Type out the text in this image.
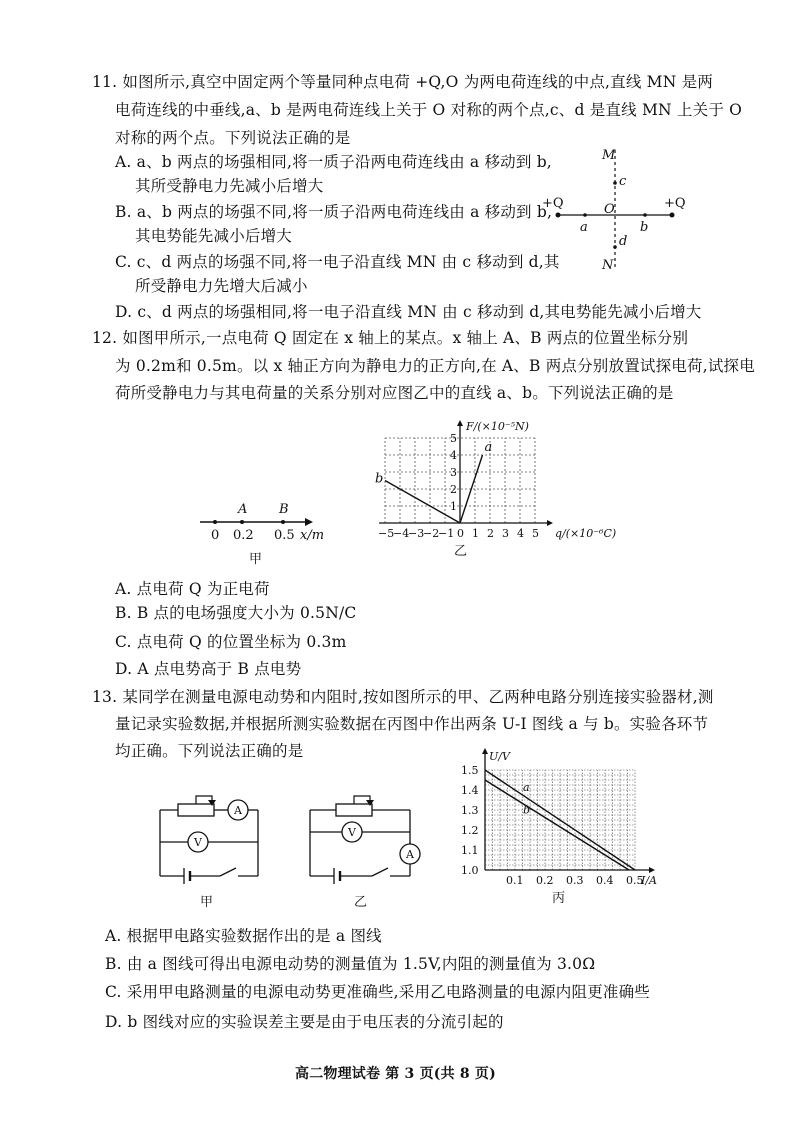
11. 如图所示,真空中固定两个等量同种点电荷 +Q,O 为两电荷连线的中点,直线 MN 是两
电荷连线的中垂线,a、b 是两电荷连线上关于 O 对称的两个点,c、d 是直线 MN 上关于 O
对称的两个点。下列说法正确的是
A. a、b 两点的场强相同,将一质子沿两电荷连线由 a 移动到 b,
其所受静电力先减小后增大
B. a、b 两点的场强不同,将一质子沿两电荷连线由 a 移动到 b,
其电势能先减小后增大
C. c、d 两点的场强不同,将一电子沿直线 MN 由 c 移动到 d,其
所受静电力先增大后减小
D. c、d 两点的场强相同,将一电子沿直线 MN 由 c 移动到 d,其电势能先减小后增大
M
N
c
d
O
a	b
+Q	+Q
12. 如图甲所示,一点电荷 Q 固定在 x 轴上的某点。x 轴上 A、B 两点的位置坐标分别
为 0.2m和 0.5m。以 x 轴正方向为静电力的正方向,在 A、B 两点分别放置试探电荷,试探电
荷所受静电力与其电荷量的关系分别对应图乙中的直线 a、b。下列说法正确的是
A B
0 0.2 0.5 x/m
甲
−5
−4
−3
−2
−1 0 1 2 3 4 5
1
2
3
4
5
F/(×10⁻⁵N)
q/(×10⁻⁶C)
a
b
乙
A. 点电荷 Q 为正电荷
B. B 点的电场强度大小为 0.5N/C
C. 点电荷 Q 的位置坐标为 0.3m
D. A 点电势高于 B 点电势
13. 某同学在测量电源电动势和内阻时,按如图所示的甲、乙两种电路分别连接实验器材,测
量记录实验数据,并根据所测实验数据在丙图中作出两条 U-I 图线 a 与 b。实验各环节
均正确。下列说法正确的是
A
V
甲
V
A
乙
1.0
1.1
1.2
1.3
1.4
1.5
0.1 0.2 0.3 0.4 0.5
U/V
I/A
a
b
丙
A. 根据甲电路实验数据作出的是 a 图线
B. 由 a 图线可得出电源电动势的测量值为 1.5V,内阻的测量值为 3.0Ω
C. 采用甲电路测量的电源电动势更准确些,采用乙电路测量的电源内阻更准确些
D. b 图线对应的实验误差主要是由于电压表的分流引起的
高二物理试卷 第 3 页(共 8 页)
